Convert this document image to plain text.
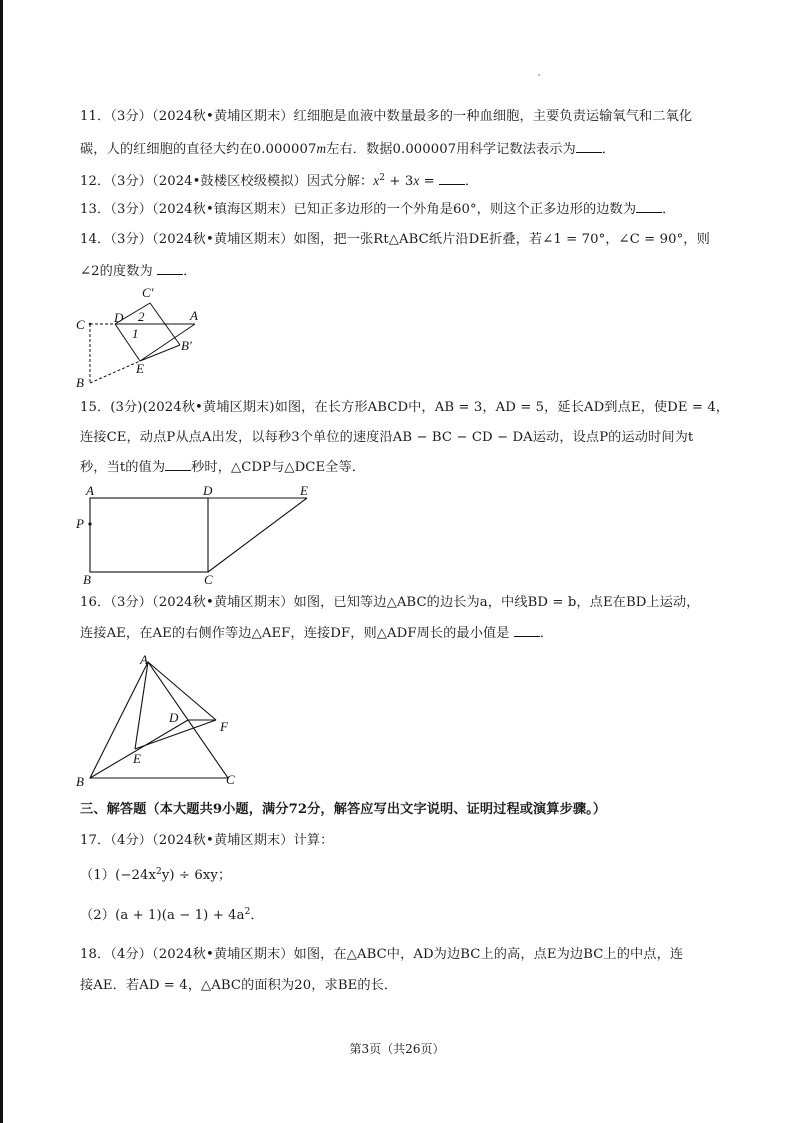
11．（3分）（2024秋•黄埔区期末）红细胞是血液中数量最多的一种血细胞，主要负责运输氧气和二氧化
碳，人的红细胞的直径大约在0.000007m左右．数据0.000007用科学记数法表示为 ．
12．（3分）（2024•鼓楼区校级模拟）因式分解：$x^2 + 3x$ = ．
13．（3分）（2024秋•镇海区期末）已知正多边形的一个外角是60°，则这个正多边形的边数为 ．
14．（3分）（2024秋•黄埔区期末）如图，把一张Rt△ABC纸片沿DE折叠，若∠1 = 70°，∠C = 90°，则
∠2的度数为 ．
C′
C D 2	A
1
B′
E
B
15．(3分)(2024秋•黄埔区期末)如图，在长方形ABCD中，AB = 3，AD = 5，延长AD到点E，使DE = 4，
连接CE，动点P从点A出发，以每秒3个单位的速度沿AB − BC − CD − DA运动，设点P的运动时间为t
秒，当t的值为 秒时，△CDP与△DCE全等．
A	D	E
P
B	C
16．（3分）（2024秋•黄埔区期末）如图，已知等边△ABC的边长为a，中线BD = b，点E在BD上运动，
连接AE，在AE的右侧作等边△AEF，连接DF，则△ADF周长的最小值是 ．
A
D
F
E
B	C
三、解答题（本大题共9小题，满分72分，解答应写出文字说明、证明过程或演算步骤。）
17．（4分）（2024秋•黄埔区期末）计算：
$(1)(-24x^2y) \div 6xy$；
$(2)(a + 1)(a - 1) + 4a^2$．
18．（4分）（2024秋•黄埔区期末）如图，在△ABC中，AD为边BC上的高，点E为边BC上的中点，连
接AE．若AD = 4，△ABC的面积为20，求BE的长．
第3页（共26页）
